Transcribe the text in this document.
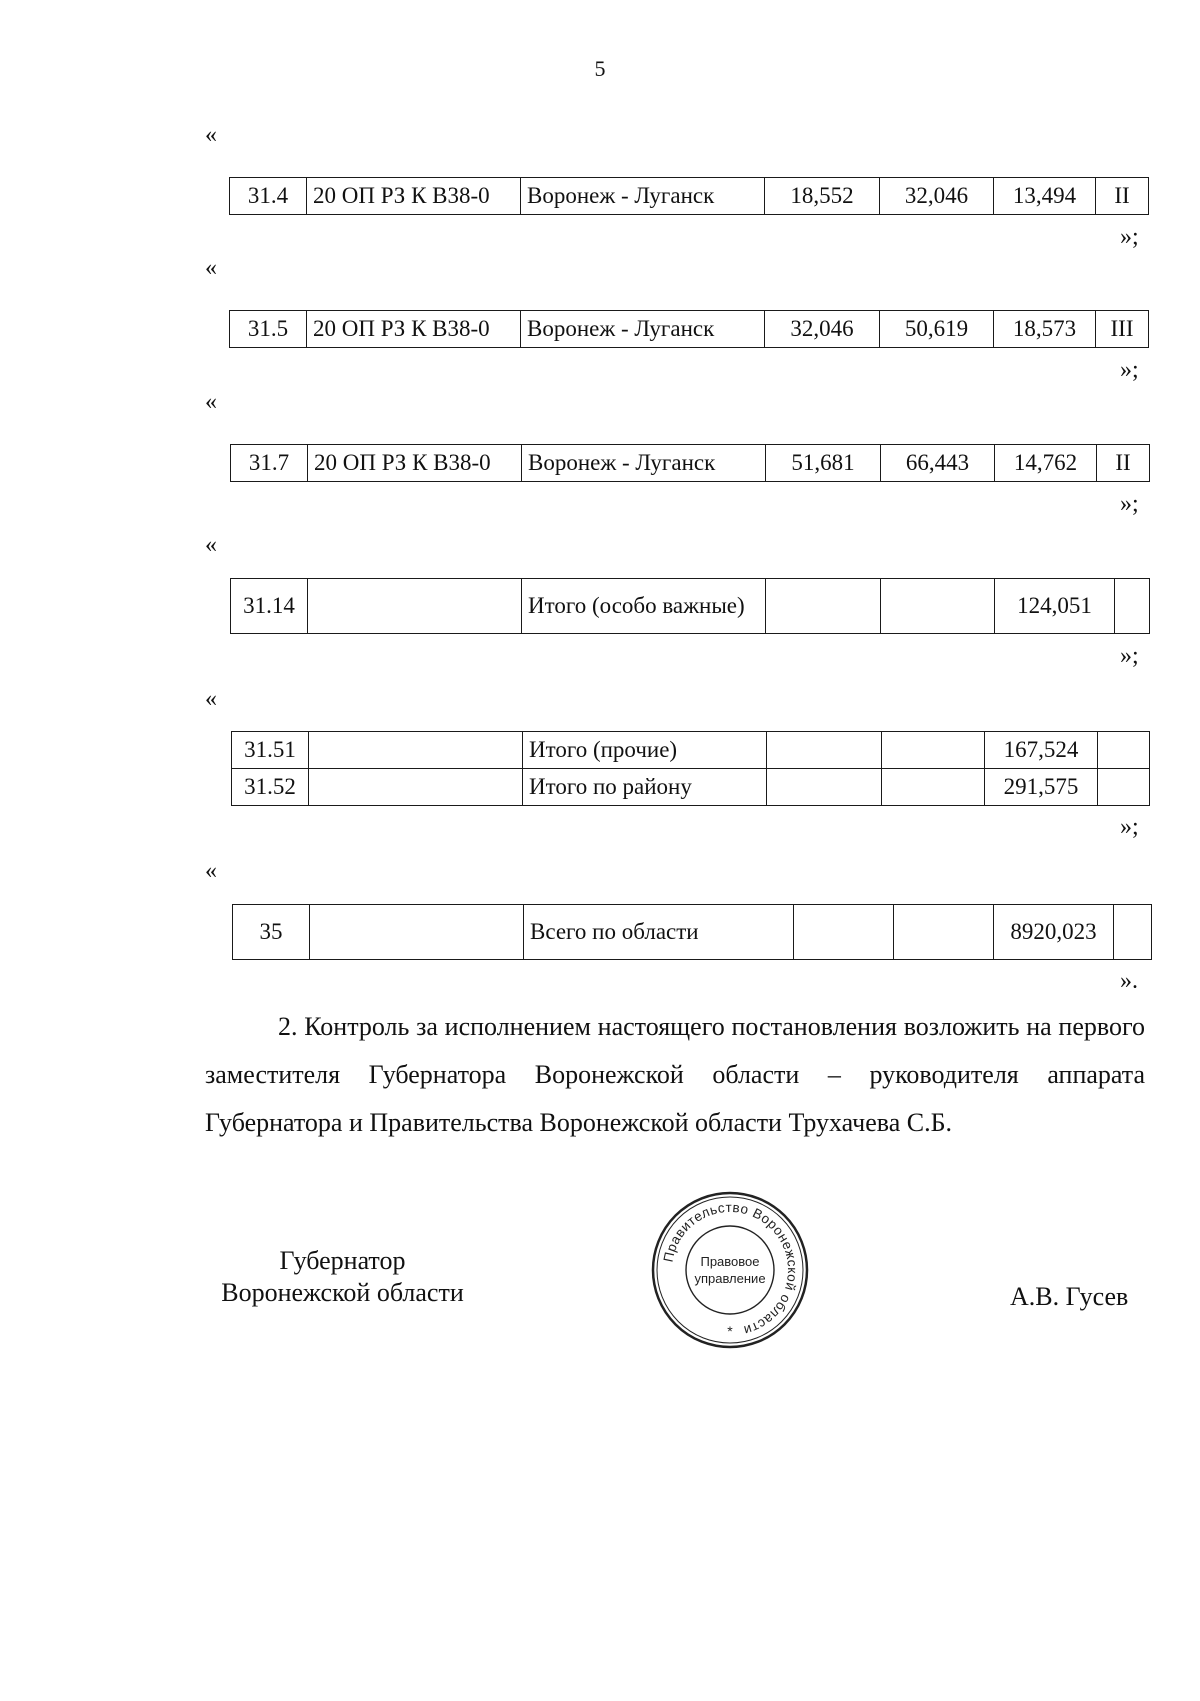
5
«
31.4	20 ОП РЗ К В38-0	Воронеж - Луганск	18,552	32,046	13,494	II
»;
«
31.5	20 ОП РЗ К В38-0	Воронеж - Луганск	32,046	50,619	18,573	III
»;
«
31.7	20 ОП РЗ К В38-0	Воронеж - Луганск	51,681	66,443	14,762	II
»;
«
31.14		Итого (особо важные)			124,051	
»;
«
31.51		Итого (прочие)			167,524	
31.52		Итого по району			291,575	
»;
«
35		Всего по области			8920,023	
».
2. Контроль за исполнением настоящего постановления возложить на первого заместителя Губернатора Воронежской области – руководителя аппарата Губернатора и Правительства Воронежской области Трухачева С.Б.
Губернатор
Воронежской области
Правительство Воронежской области
Правовое
управление
*
А.В. Гусев
